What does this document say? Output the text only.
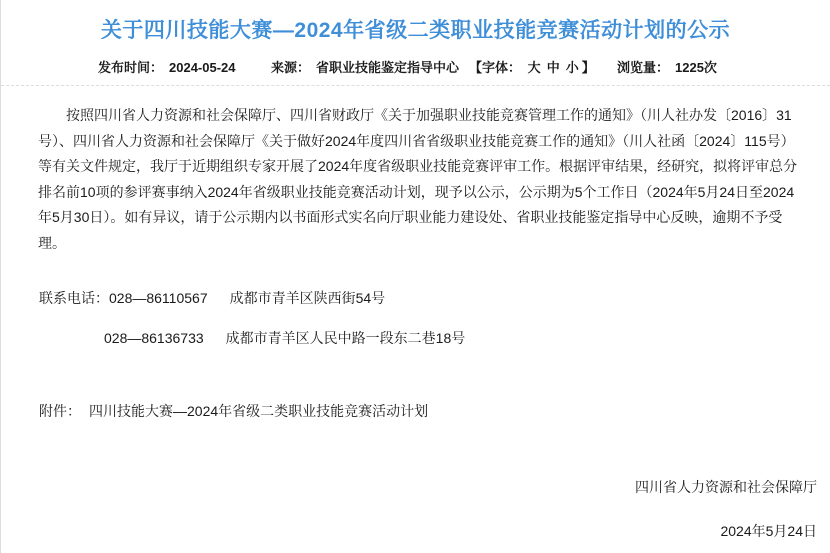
关于四川技能大赛—2024年省级二类职业技能竞赛活动计划的公示
发布时间： 2024-05-24	来源： 省职业技能鉴定指导中心 【字体： 大 中 小 】 浏览量： 1225次

按照四川省人力资源和社会保障厅、四川省财政厅《关于加强职业技能竞赛管理工作的通知》（川人社办发〔2016〕31号）、四川省人力资源和社会保障厅《关于做好2024年度四川省省级职业技能竞赛工作的通知》（川人社函〔2024〕115号）等有关文件规定，我厅于近期组织专家开展了2024年度省级职业技能竞赛评审工作。根据评审结果，经研究，拟将评审总分排名前10项的参评赛事纳入2024年省级职业技能竞赛活动计划，现予以公示，公示期为5个工作日（2024年5月24日至2024年5月30日）。如有异议，请于公示期内以书面形式实名向厅职业能力建设处、省职业技能鉴定指导中心反映，逾期不予受理。

联系电话：028—86110567 成都市青羊区陕西街54号
028—86136733 成都市青羊区人民中路一段东二巷18号
附件： 四川技能大赛—2024年省级二类职业技能竞赛活动计划
四川省人力资源和社会保障厅
2024年5月24日
